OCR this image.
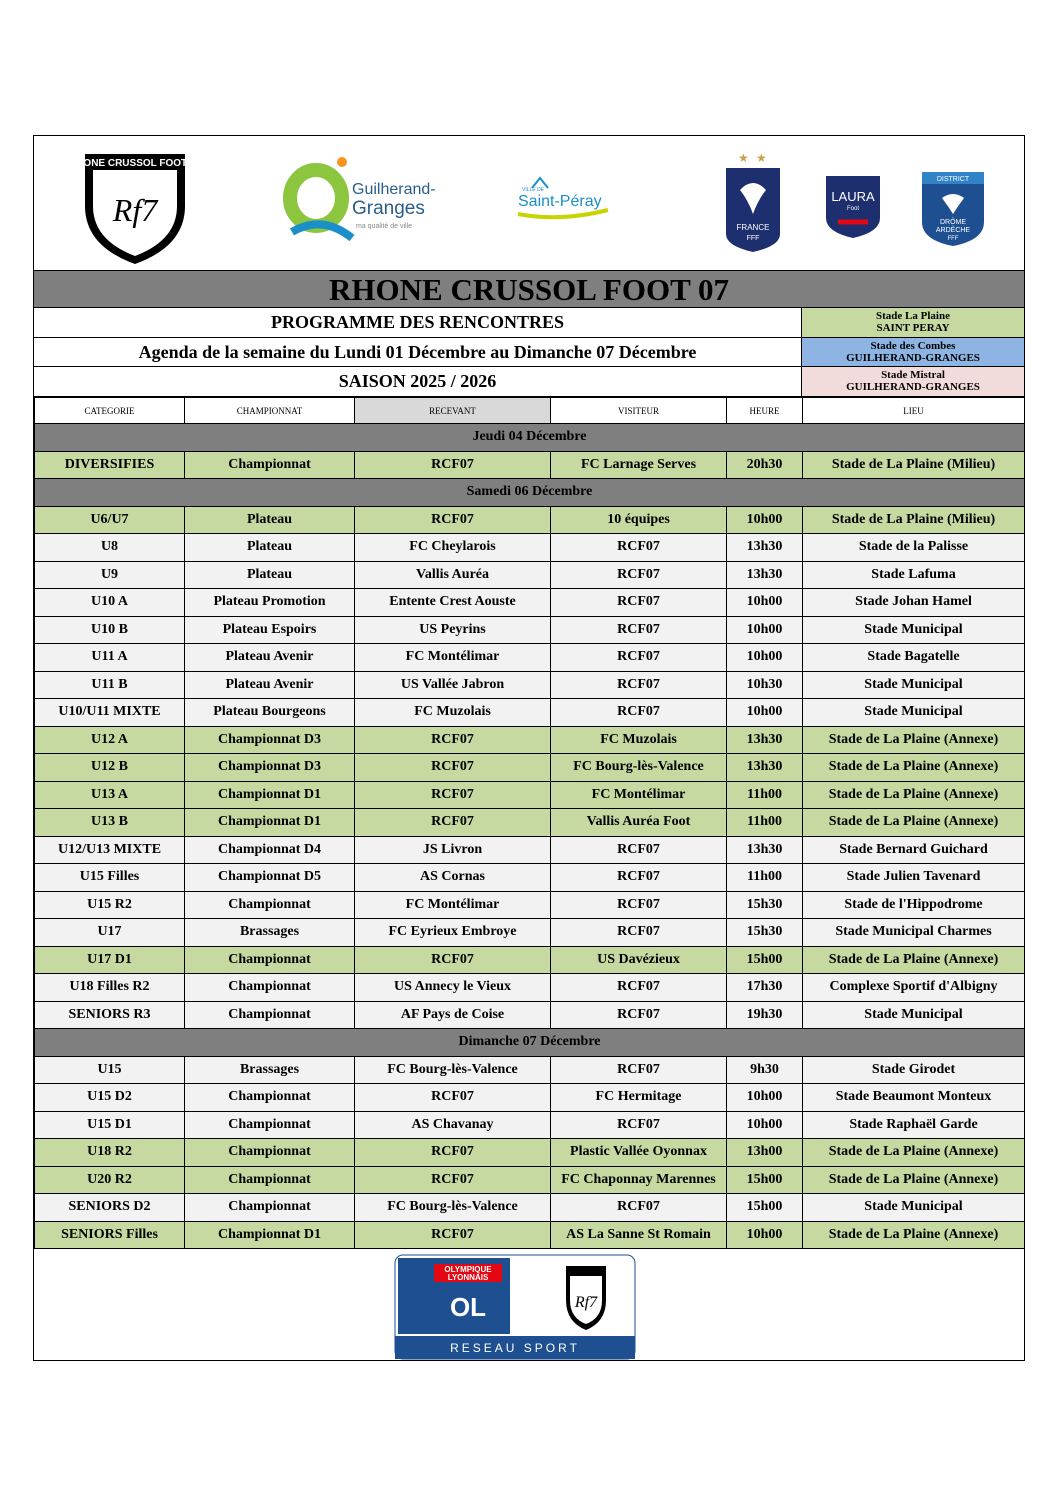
RHONE CRUSSOL FOOT 07
Rf7
Guilherand-
Granges
ma qualité de ville
VILLE DE
Saint-Péray
★ ★
FRANCE
FFF
LAURA
Foot
DISTRICT
DRÔME
ARDÈCHE
FFF
RHONE CRUSSOL FOOT 07
PROGRAMME DES RENCONTRES
Agenda de la semaine du Lundi 01 Décembre au Dimanche 07 Décembre
SAISON 2025 / 2026
Stade La Plaine
SAINT PERAY
Stade des Combes
GUILHERAND-GRANGES
Stade Mistral
GUILHERAND-GRANGES
CATEGORIE	CHAMPIONNAT	RECEVANT	VISITEUR	HEURE	LIEU
Jeudi 04 Décembre					
DIVERSIFIES	Championnat	RCF07	FC Larnage Serves	20h30	Stade de La Plaine (Milieu)
Samedi 06 Décembre					
U6/U7	Plateau	RCF07	10 équipes	10h00	Stade de La Plaine (Milieu)
U8	Plateau	FC Cheylarois	RCF07	13h30	Stade de la Palisse
U9	Plateau	Vallis Auréa	RCF07	13h30	Stade Lafuma
U10 A	Plateau Promotion	Entente Crest Aouste	RCF07	10h00	Stade Johan Hamel
U10 B	Plateau Espoirs	US Peyrins	RCF07	10h00	Stade Municipal
U11 A	Plateau Avenir	FC Montélimar	RCF07	10h00	Stade Bagatelle
U11 B	Plateau Avenir	US Vallée Jabron	RCF07	10h30	Stade Municipal
U10/U11 MIXTE	Plateau Bourgeons	FC Muzolais	RCF07	10h00	Stade Municipal
U12 A	Championnat D3	RCF07	FC Muzolais	13h30	Stade de La Plaine (Annexe)
U12 B	Championnat D3	RCF07	FC Bourg-lès-Valence	13h30	Stade de La Plaine (Annexe)
U13 A	Championnat D1	RCF07	FC Montélimar	11h00	Stade de La Plaine (Annexe)
U13 B	Championnat D1	RCF07	Vallis Auréa Foot	11h00	Stade de La Plaine (Annexe)
U12/U13 MIXTE	Championnat D4	JS Livron	RCF07	13h30	Stade Bernard Guichard
U15 Filles	Championnat D5	AS Cornas	RCF07	11h00	Stade Julien Tavenard
U15 R2	Championnat	FC Montélimar	RCF07	15h30	Stade de l'Hippodrome
U17	Brassages	FC Eyrieux Embroye	RCF07	15h30	Stade Municipal Charmes
U17 D1	Championnat	RCF07	US Davézieux	15h00	Stade de La Plaine (Annexe)
U18 Filles R2	Championnat	US Annecy le Vieux	RCF07	17h30	Complexe Sportif d'Albigny
SENIORS R3	Championnat	AF Pays de Coise	RCF07	19h30	Stade Municipal
Dimanche 07 Décembre					
U15	Brassages	FC Bourg-lès-Valence	RCF07	9h30	Stade Girodet
U15 D2	Championnat	RCF07	FC Hermitage	10h00	Stade Beaumont Monteux
U15 D1	Championnat	AS Chavanay	RCF07	10h00	Stade Raphaël Garde
U18 R2	Championnat	RCF07	Plastic Vallée Oyonnax	13h00	Stade de La Plaine (Annexe)
U20 R2	Championnat	RCF07	FC Chaponnay Marennes	15h00	Stade de La Plaine (Annexe)
SENIORS D2	Championnat	FC Bourg-lès-Valence	RCF07	15h00	Stade Municipal
SENIORS Filles	Championnat D1	RCF07	AS La Sanne St Romain	10h00	Stade de La Plaine (Annexe)
OLYMPIQUE
LYONNAIS
OL	Rf7
RESEAU SPORT
